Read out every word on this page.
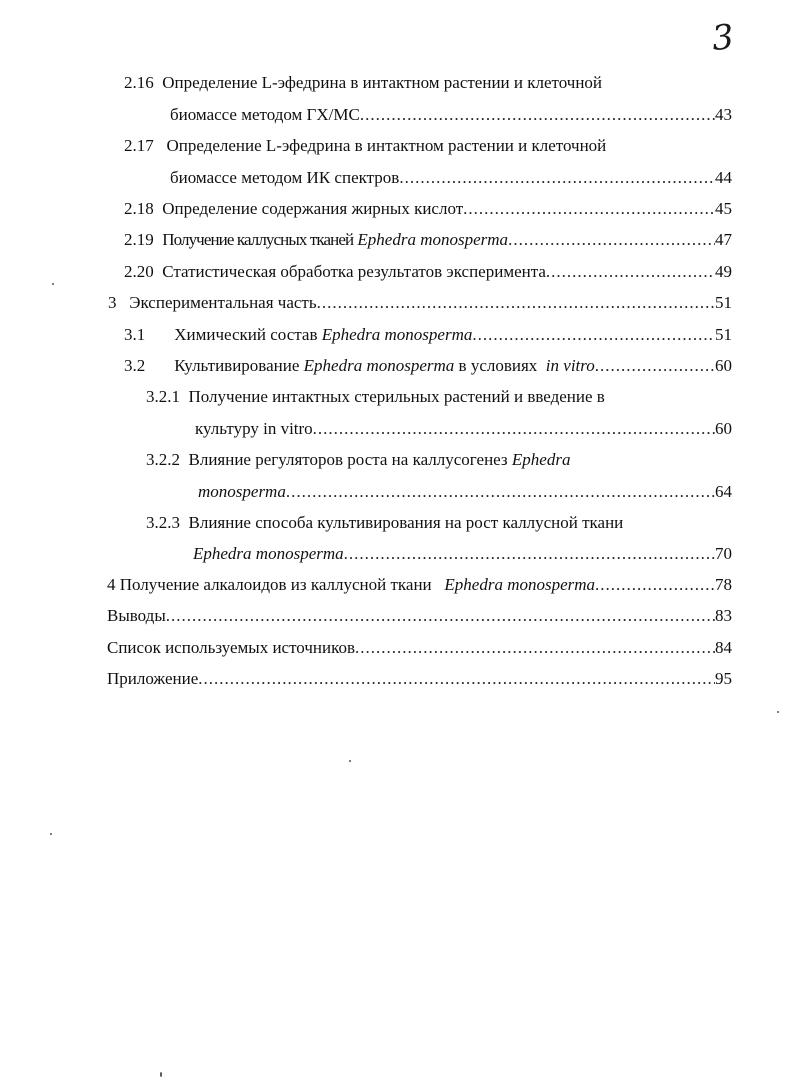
3
2.16 Определение L-эфедрина в интактном растении и клеточной
биомассе методом ГХ/МС .....	43
2.17 Определение L-эфедрина в интактном растении и клеточной
биомассе методом ИК спектров .....	44
2.18 Определение содержания жирных кислот .....	45
2.19 Получение каллусных тканей Ephedra monosperma .....	47
2.20 Статистическая обработка результатов эксперимента .....	49
3 Экспериментальная часть .....	51
3.1 Химический состав Ephedra monosperma .....	51
3.2 Культивирование Ephedra monosperma в условиях in vitro .....	60
3.2.1 Получение интактных стерильных растений и введение в
культуру in vitro .....	60
3.2.2 Влияние регуляторов роста на каллусогенез Ephedra
monosperma .....	64
3.2.3 Влияние способа культивирования на рост каллусной ткани
Ephedra monosperma .....	70
4 Получение алкалоидов из каллусной ткани Ephedra monosperma .....	78
Выводы .....	83
Список используемых источников .....	84
Приложение .....	95
